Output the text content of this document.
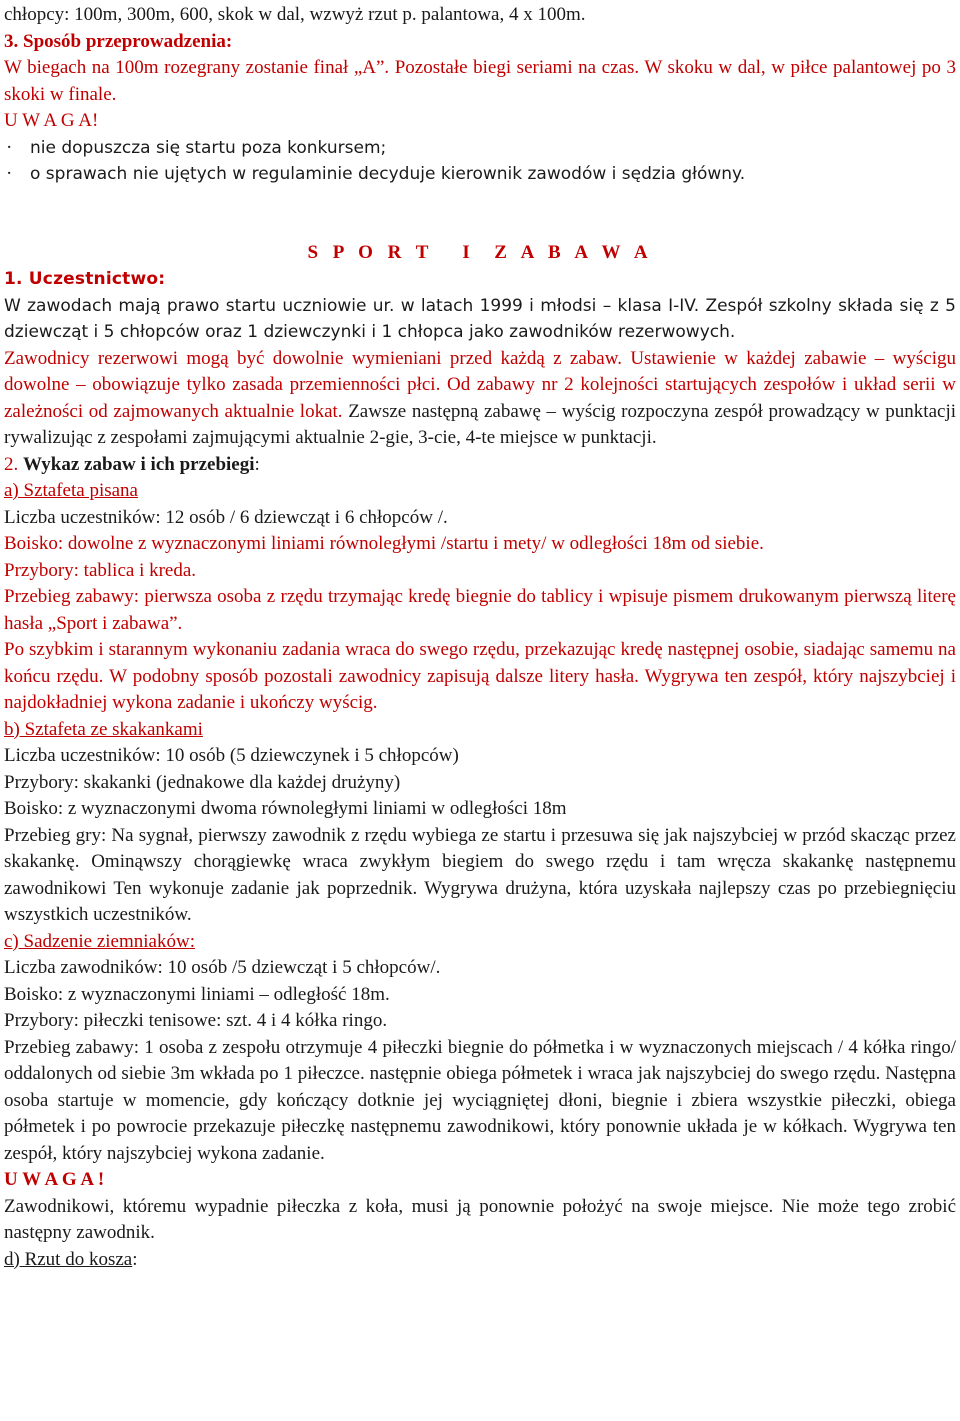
chłopcy: 100m, 300m, 600, skok w dal, wzwyż rzut p. palantowa, 4 x 100m.
3. Sposób przeprowadzenia:

W biegach na 100m rozegrany zostanie finał „A”. Pozostałe biegi seriami na czas. W skoku w dal, w piłce palantowej po 3 skoki w finale.

U W A G A!
· nie dopuszcza się startu poza konkursem;
· o sprawach nie ujętych w regulaminie decyduje kierownik zawodów i sędzia główny.
S P O R T   I  Z A B A W A
1. Uczestnictwo:

W zawodach mają prawo startu uczniowie ur. w latach 1999 i młodsi – klasa I-IV. Zespół szkolny składa się z 5 dziewcząt i 5 chłopców oraz 1 dziewczynki i 1 chłopca jako zawodników rezerwowych.

Zawodnicy rezerwowi mogą być dowolnie wymieniani przed każdą z zabaw. Ustawienie w każdej zabawie – wyścigu dowolne – obowiązuje tylko zasada przemienności płci. Od zabawy nr 2 kolejności startujących zespołów i układ serii w zależności od zajmowanych aktualnie lokat. Zawsze następną zabawę – wyścig rozpoczyna zespół prowadzący w punktacji rywalizując z zespołami zajmującymi aktualnie 2-gie, 3-cie, 4-te miejsce w punktacji.

2. Wykaz zabaw i ich przebiegi:
a) Sztafeta pisana
Liczba uczestników: 12 osób / 6 dziewcząt i 6 chłopców /.
Boisko: dowolne z wyznaczonymi liniami równoległymi /startu i mety/ w odległości 18m od siebie.
Przybory: tablica i kreda.

Przebieg zabawy: pierwsza osoba z rzędu trzymając kredę biegnie do tablicy i wpisuje pismem drukowanym pierwszą literę hasła „Sport i zabawa”.

Po szybkim i starannym wykonaniu zadania wraca do swego rzędu, przekazując kredę następnej osobie, siadając samemu na końcu rzędu. W podobny sposób pozostali zawodnicy zapisują dalsze litery hasła. Wygrywa ten zespół, który najszybciej i najdokładniej wykona zadanie i ukończy wyścig.

b) Sztafeta ze skakankami
Liczba uczestników: 10 osób (5 dziewczynek i 5 chłopców)
Przybory: skakanki (jednakowe dla każdej drużyny)
Boisko: z wyznaczonymi dwoma równoległymi liniami w odległości 18m

Przebieg gry: Na sygnał, pierwszy zawodnik z rzędu wybiega ze startu i przesuwa się jak najszybciej w przód skacząc przez skakankę. Ominąwszy chorągiewkę wraca zwykłym biegiem do swego rzędu i tam wręcza skakankę następnemu zawodnikowi Ten wykonuje zadanie jak poprzednik. Wygrywa drużyna, która uzyskała najlepszy czas po przebiegnięciu wszystkich uczestników.

c) Sadzenie ziemniaków:
Liczba zawodników: 10 osób /5 dziewcząt i 5 chłopców/.
Boisko: z wyznaczonymi liniami – odległość 18m.
Przybory: piłeczki tenisowe: szt. 4 i 4 kółka ringo.

Przebieg zabawy: 1 osoba z zespołu otrzymuje 4 piłeczki biegnie do półmetka i w wyznaczonych miejscach / 4 kółka ringo/ oddalonych od siebie 3m wkłada po 1 piłeczce. następnie obiega półmetek i wraca jak najszybciej do swego rzędu. Następna osoba startuje w momencie, gdy kończący dotknie jej wyciągniętej dłoni, biegnie i zbiera wszystkie piłeczki, obiega półmetek i po powrocie przekazuje piłeczkę następnemu zawodnikowi, który ponownie układa je w kółkach. Wygrywa ten zespół, który najszybciej wykona zadanie.

U W A G A !

Zawodnikowi, któremu wypadnie piłeczka z koła, musi ją ponownie położyć na swoje miejsce. Nie może tego zrobić następny zawodnik.

d) Rzut do kosza:
